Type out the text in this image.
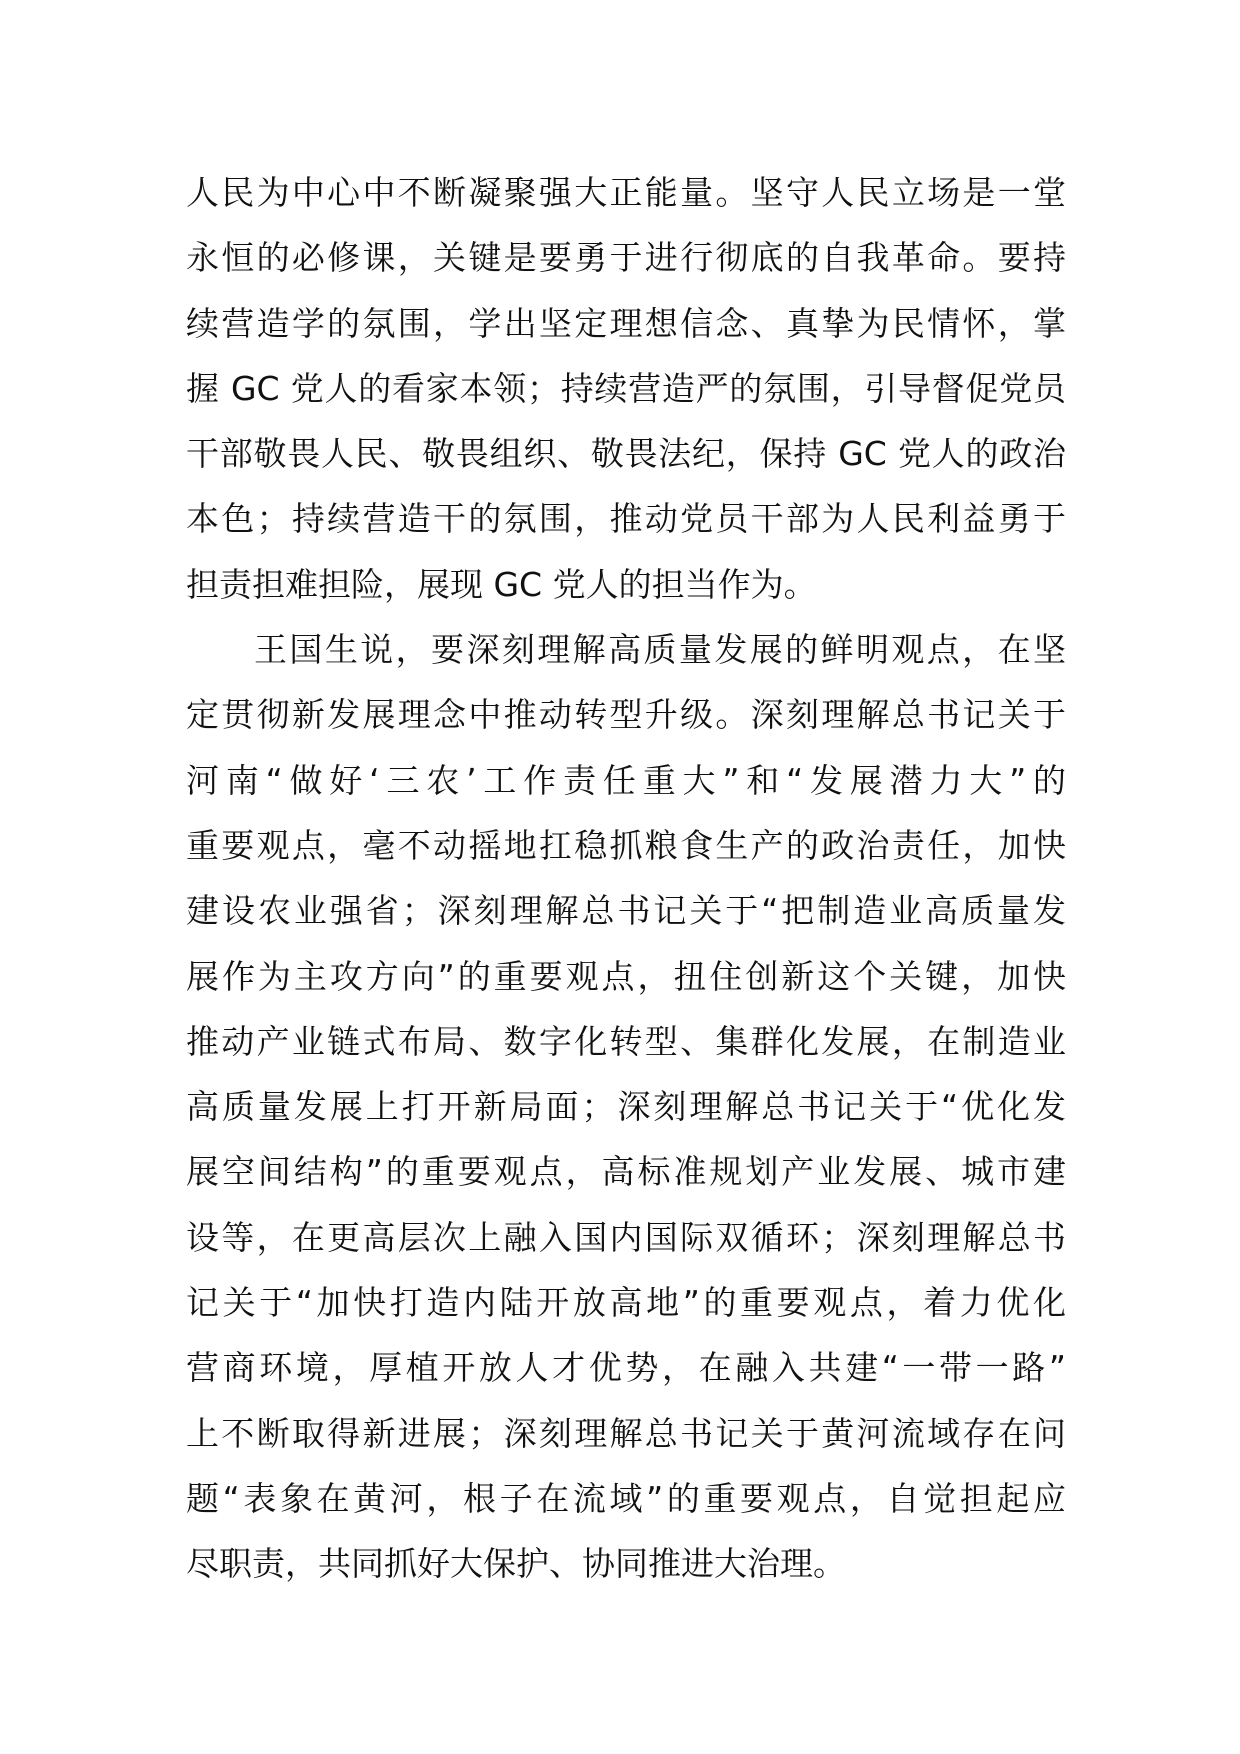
人民为中心中不断凝聚强大正能量。坚守人民立场是一堂
永恒的必修课，关键是要勇于进行彻底的自我革命。要持
续营造学的氛围，学出坚定理想信念、真挚为民情怀，掌
握 GC 党人的看家本领；持续营造严的氛围，引导督促党员
干部敬畏人民、敬畏组织、敬畏法纪，保持 GC 党人的政治
本色；持续营造干的氛围，推动党员干部为人民利益勇于
担责担难担险，展现 GC 党人的担当作为。
王国生说，要深刻理解高质量发展的鲜明观点，在坚
定贯彻新发展理念中推动转型升级。深刻理解总书记关于
河南“做好‘三农’工作责任重大”和“发展潜力大”的
重要观点，毫不动摇地扛稳抓粮食生产的政治责任，加快
建设农业强省；深刻理解总书记关于“把制造业高质量发
展作为主攻方向”的重要观点，扭住创新这个关键，加快
推动产业链式布局、数字化转型、集群化发展，在制造业
高质量发展上打开新局面；深刻理解总书记关于“优化发
展空间结构”的重要观点，高标准规划产业发展、城市建
设等，在更高层次上融入国内国际双循环；深刻理解总书
记关于“加快打造内陆开放高地”的重要观点，着力优化
营商环境，厚植开放人才优势，在融入共建“一带一路”
上不断取得新进展；深刻理解总书记关于黄河流域存在问
题“表象在黄河，根子在流域”的重要观点，自觉担起应
尽职责，共同抓好大保护、协同推进大治理。
